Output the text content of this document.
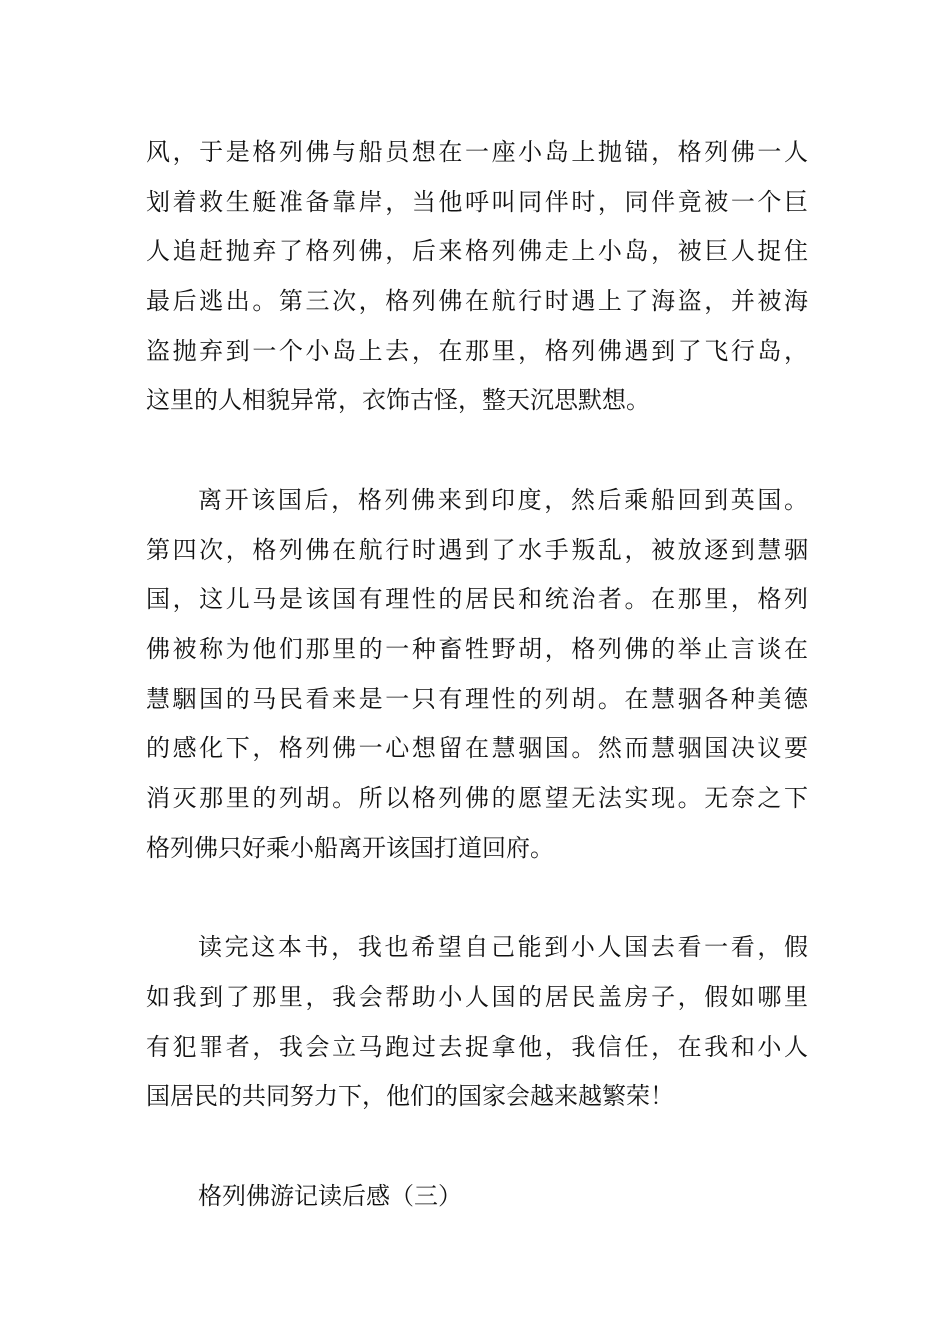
风，于是格列佛与船员想在一座小岛上抛锚，格列佛一人
划着救生艇准备靠岸，当他呼叫同伴时，同伴竟被一个巨
人追赶抛弃了格列佛，后来格列佛走上小岛，被巨人捉住
最后逃出。第三次，格列佛在航行时遇上了海盗，并被海
盗抛弃到一个小岛上去，在那里，格列佛遇到了飞行岛，
这里的人相貌异常，衣饰古怪，整天沉思默想。
离开该国后，格列佛来到印度，然后乘船回到英国。
第四次，格列佛在航行时遇到了水手叛乱，被放逐到慧骃
国，这儿马是该国有理性的居民和统治者。在那里，格列
佛被称为他们那里的一种畜牲野胡，格列佛的举止言谈在
慧駰国的马民看来是一只有理性的列胡。在慧骃各种美德
的感化下，格列佛一心想留在慧骃国。然而慧骃国决议要
消灭那里的列胡。所以格列佛的愿望无法实现。无奈之下
格列佛只好乘小船离开该国打道回府。
读完这本书，我也希望自己能到小人国去看一看，假
如我到了那里，我会帮助小人国的居民盖房子，假如哪里
有犯罪者，我会立马跑过去捉拿他，我信任，在我和小人
国居民的共同努力下，他们的国家会越来越繁荣！
格列佛游记读后感（三）
